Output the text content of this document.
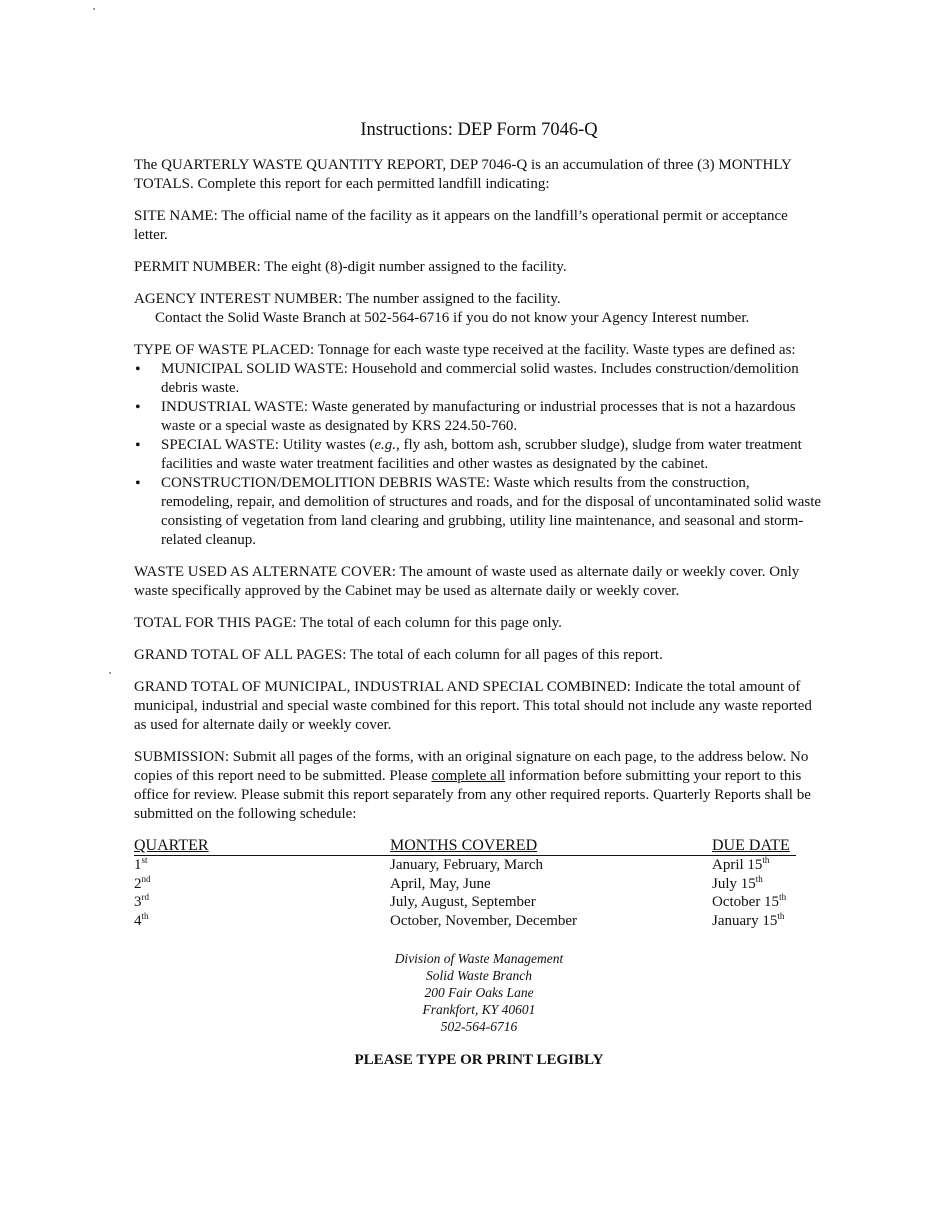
Instructions: DEP Form 7046-Q

The QUARTERLY WASTE QUANTITY REPORT, DEP 7046-Q is an accumulation of three (3) MONTHLY TOTALS. Complete this report for each permitted landfill indicating:

SITE NAME: The official name of the facility as it appears on the landfill’s operational permit or acceptance letter.

PERMIT NUMBER: The eight (8)-digit number assigned to the facility.

AGENCY INTEREST NUMBER: The number assigned to the facility.
Contact the Solid Waste Branch at 502-564-6716 if you do not know your Agency Interest number.

TYPE OF WASTE PLACED: Tonnage for each waste type received at the facility. Waste types are defined as:
• MUNICIPAL SOLID WASTE: Household and commercial solid wastes. Includes construction/demolition debris waste.
• INDUSTRIAL WASTE: Waste generated by manufacturing or industrial processes that is not a hazardous waste or a special waste as designated by KRS 224.50-760.
• SPECIAL WASTE: Utility wastes (e.g., fly ash, bottom ash, scrubber sludge), sludge from water treatment facilities and waste water treatment facilities and other wastes as designated by the cabinet.
• CONSTRUCTION/DEMOLITION DEBRIS WASTE: Waste which results from the construction, remodeling, repair, and demolition of structures and roads, and for the disposal of uncontaminated solid waste consisting of vegetation from land clearing and grubbing, utility line maintenance, and seasonal and storm-related cleanup.

WASTE USED AS ALTERNATE COVER: The amount of waste used as alternate daily or weekly cover. Only waste specifically approved by the Cabinet may be used as alternate daily or weekly cover.

TOTAL FOR THIS PAGE: The total of each column for this page only.

GRAND TOTAL OF ALL PAGES: The total of each column for all pages of this report.

GRAND TOTAL OF MUNICIPAL, INDUSTRIAL AND SPECIAL COMBINED: Indicate the total amount of municipal, industrial and special waste combined for this report. This total should not include any waste reported as used for alternate daily or weekly cover.

SUBMISSION: Submit all pages of the forms, with an original signature on each page, to the address below. No copies of this report need to be submitted. Please complete all information before submitting your report to this office for review. Please submit this report separately from any other required reports. Quarterly Reports shall be submitted on the following schedule:

QUARTER	MONTHS COVERED	DUE DATE
1st	January, February, March	April 15th
2nd	April, May, June	July 15th
3rd	July, August, September	October 15th
4th	October, November, December	January 15th
Division of Waste Management
Solid Waste Branch
200 Fair Oaks Lane
Frankfort, KY 40601
502-564-6716
PLEASE TYPE OR PRINT LEGIBLY
